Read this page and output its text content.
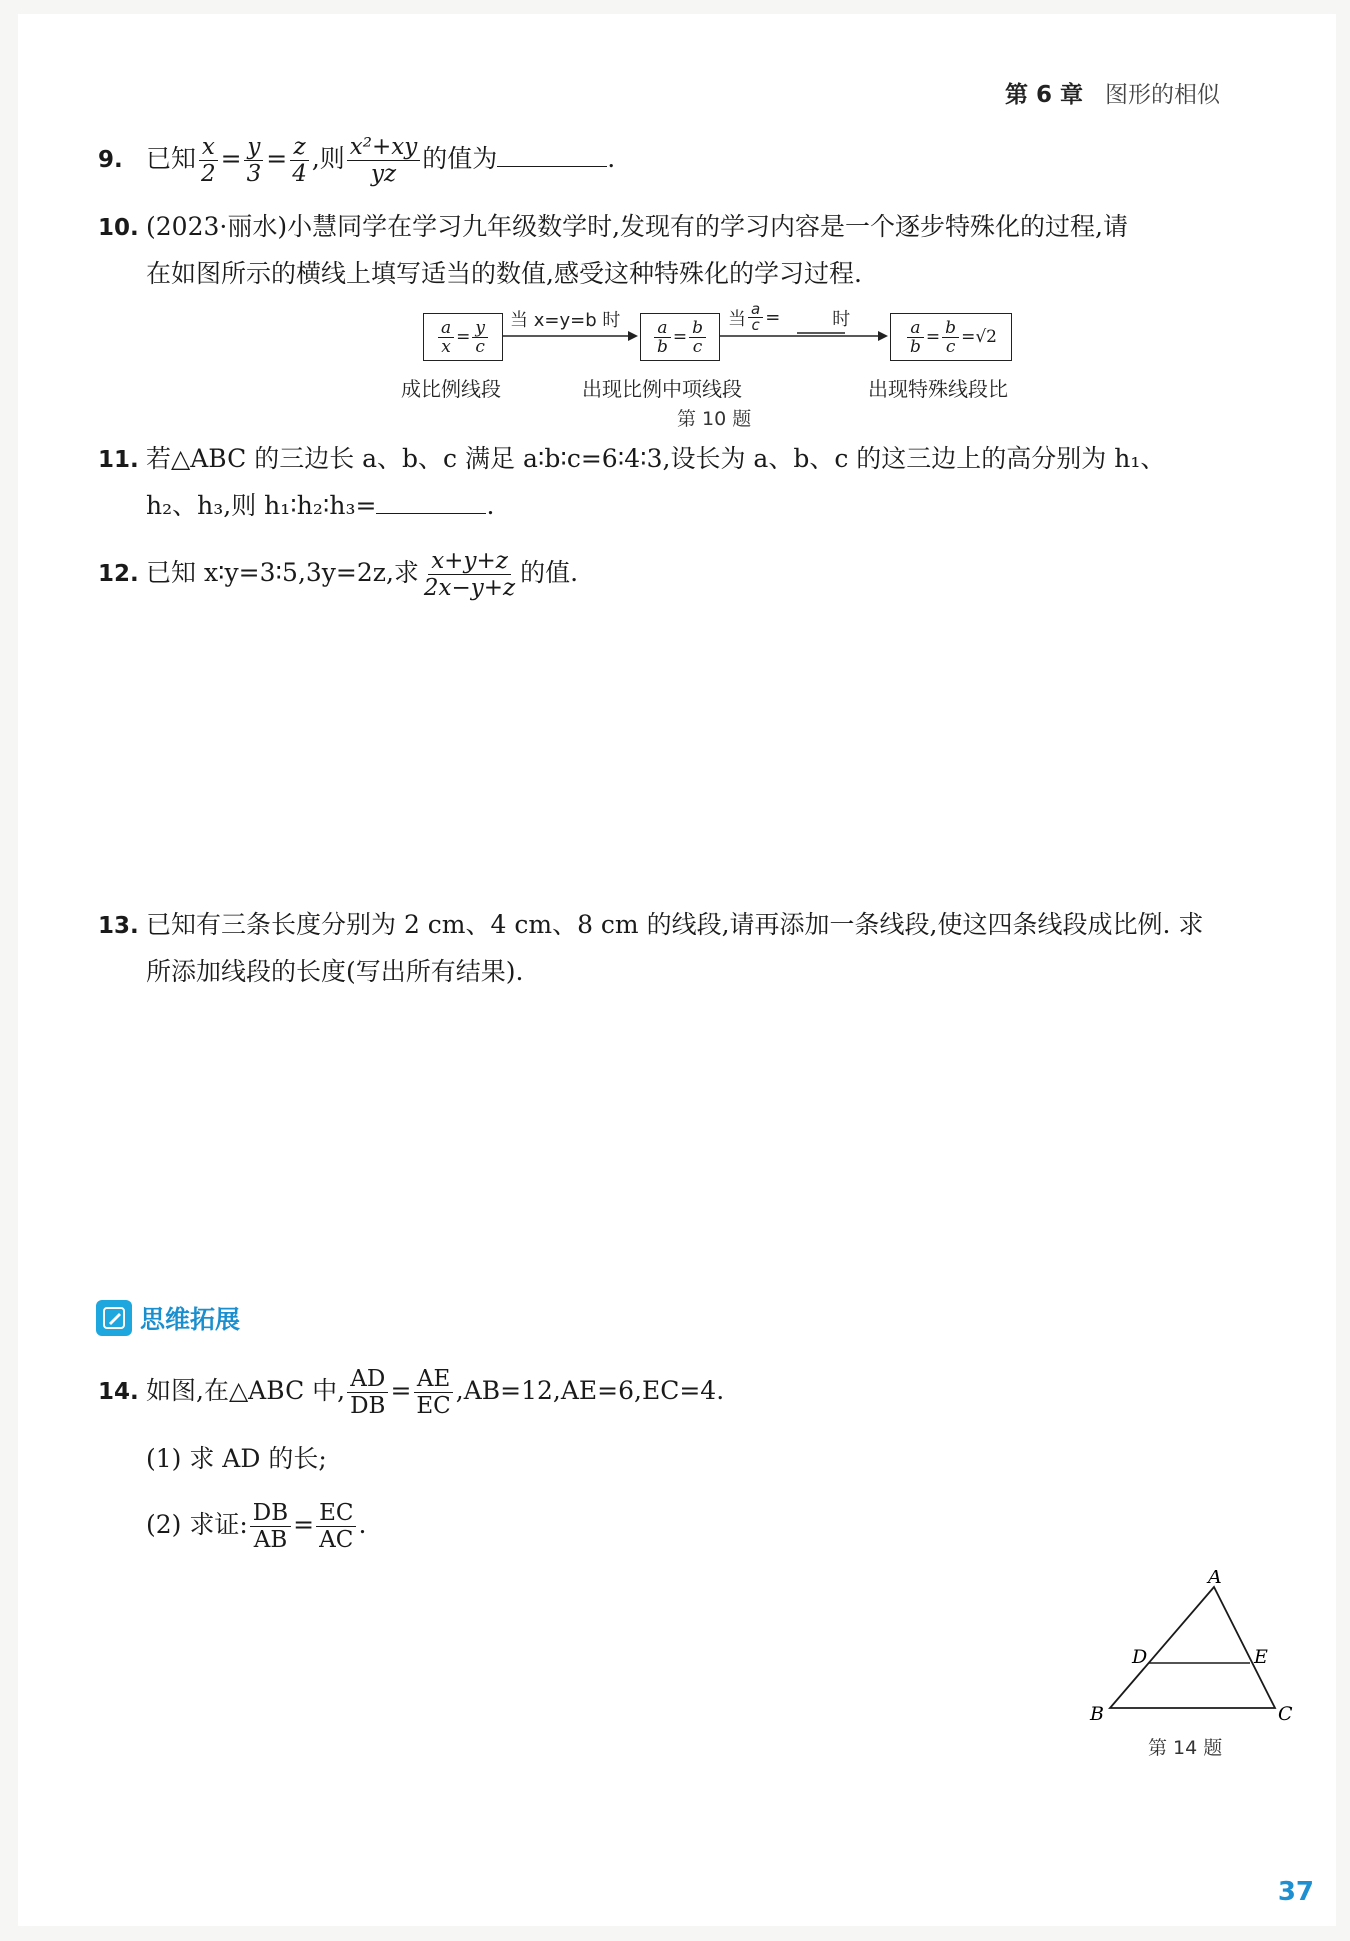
第 6 章 图形的相似
9. 已知 $\frac{x}{2} = \frac{y}{3} = \frac{z}{4}$ ,则 $\frac{\text{x²+xy}}{yz}$ 的值为	.
10. (2023·丽水)小慧同学在学习九年级数学时,发现有的学习内容是一个逐步特殊化的过程,请
在如图所示的横线上填写适当的数值,感受这种特殊化的学习过程.
$\frac{a}{x} = \frac{y}{c}$	$\frac{a}{b} = \frac{b}{c}$	$\frac{a}{b} = \frac{b}{c} = √2$
当 x=y=b 时	当 $\frac{a}{c}$ =	时
成比例线段	出现比例中项线段	出现特殊线段比
第 10 题
11. 若△ABC 的三边长 a、b、c 满足 a∶b∶c=6∶4∶3,设长为 a、b、c 的这三边上的高分别为 h₁、
h₂、h₃,则 h₁∶h₂∶h₃=	.
12. 已知 x∶y=3∶5,3y=2z,求 $\frac{x+y+z}{2x-y+z}$ 的值.
13. 已知有三条长度分别为 2 cm、4 cm、8 cm 的线段,请再添加一条线段,使这四条线段成比例. 求
所添加线段的长度(写出所有结果).
思维拓展
14. 如图,在△ABC 中, $\frac{AD}{DB} = \frac{AE}{EC} ,AB=12,AE=6,EC=4$.
(1) 求 AD 的长;
(2) 求证: $\frac{DB}{AB} = \frac{EC}{AC}$ .
A
B	C
D	E
第 14 题
37
